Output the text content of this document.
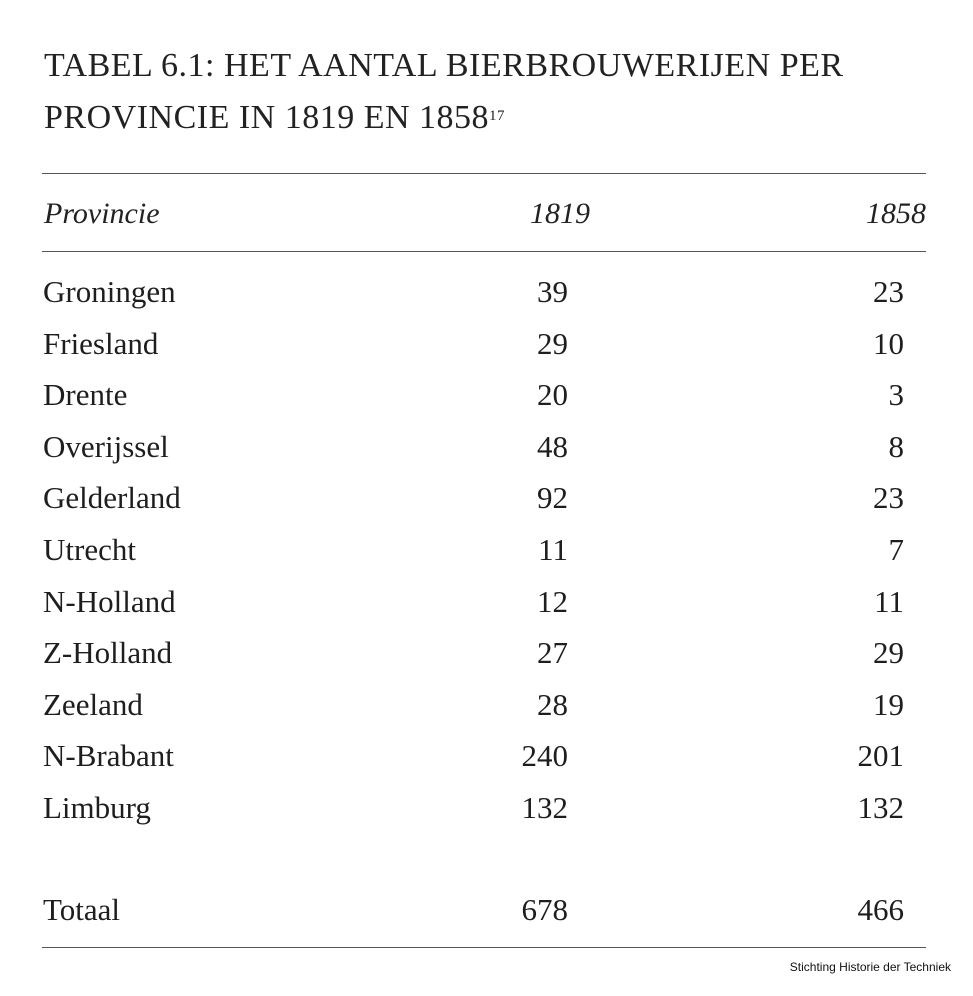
TABEL 6.1: HET AANTAL BIERBROUWERIJEN PER
PROVINCIE IN 1819 EN 1858$^{17}$
Provincie	1819	1858
Groningen	39	23
Friesland	29	10
Drente	20	3
Overijssel	48	8
Gelderland	92	23
Utrecht	11	7
N-Holland	12	11
Z-Holland	27	29
Zeeland	28	19
N-Brabant	240	201
Limburg	132	132
Totaal	678	466
Stichting Historie der Techniek
